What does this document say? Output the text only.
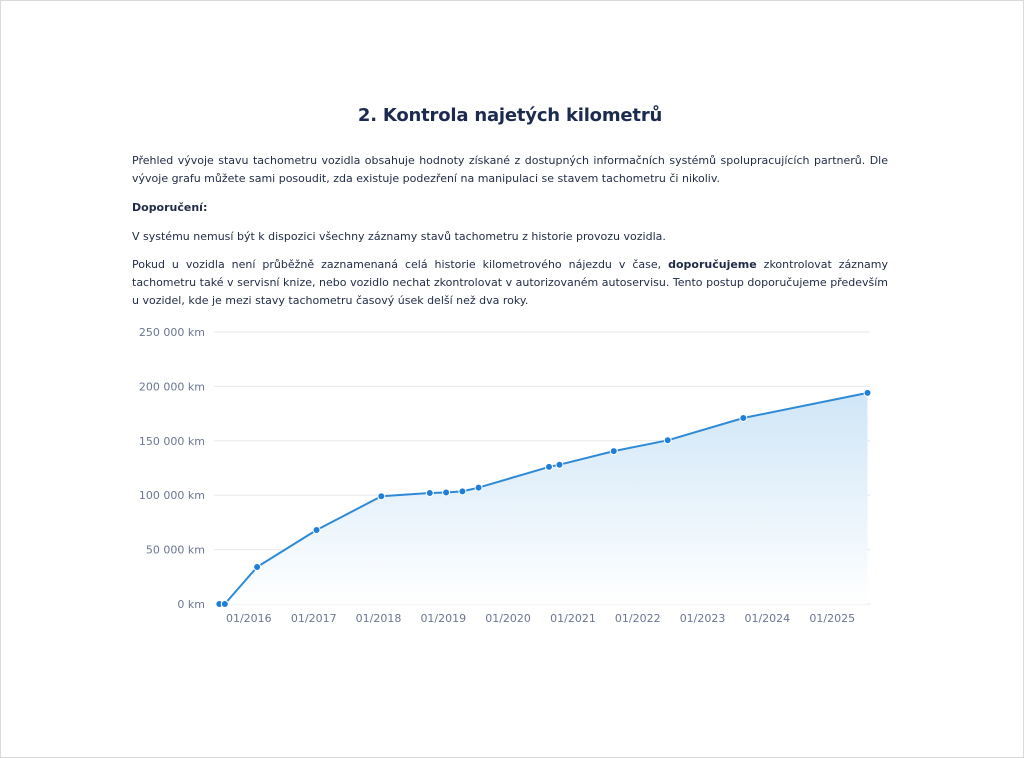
2. Kontrola najetých kilometrů

Přehled vývoje stavu tachometru vozidla obsahuje hodnoty získané z dostupných informačních systémů spolupracujících partnerů. Dle vývoje grafu můžete sami posoudit, zda existuje podezření na manipulaci se stavem tachometru či nikoliv.

Doporučení:

V systému nemusí být k dispozici všechny záznamy stavů tachometru z historie provozu vozidla.

Pokud u vozidla není průběžně zaznamenaná celá historie kilometrového nájezdu v čase, doporučujeme zkontrolovat záznamy tachometru také v servisní knize, nebo vozidlo nechat zkontrolovat v autorizovaném autoservisu. Tento postup doporučujeme především u vozidel, kde je mezi stavy tachometru časový úsek delší než dva roky.

0 km
50 000 km
100 000 km
150 000 km
200 000 km
250 000 km
01/2016 01/2017 01/2018 01/2019 01/2020 01/2021 01/2022 01/2023 01/2024 01/2025
